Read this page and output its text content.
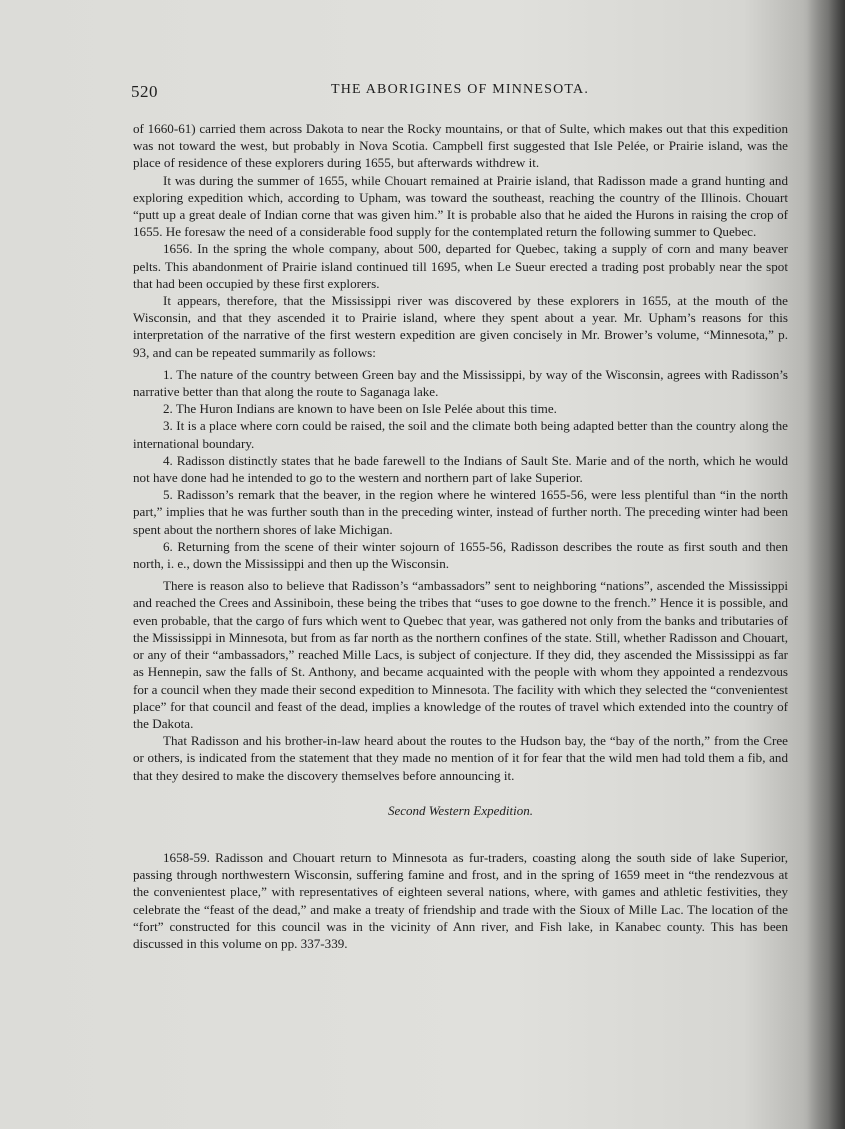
520	THE ABORIGINES OF MINNESOTA.

of 1660-61) carried them across Dakota to near the Rocky mountains, or that of Sulte, which makes out that this expedition was not toward the west, but probably in Nova Scotia. Campbell first suggested that Isle Pelée, or Prairie island, was the place of residence of these explorers during 1655, but afterwards withdrew it.

It was during the summer of 1655, while Chouart remained at Prairie island, that Radisson made a grand hunting and exploring expedition which, according to Upham, was toward the southeast, reaching the country of the Illinois. Chouart “putt up a great deale of Indian corne that was given him.” It is probable also that he aided the Hurons in raising the crop of 1655. He foresaw the need of a considerable food supply for the contemplated return the following summer to Quebec.

1656. In the spring the whole company, about 500, departed for Quebec, taking a supply of corn and many beaver pelts. This abandonment of Prairie island continued till 1695, when Le Sueur erected a trading post probably near the spot that had been occupied by these first explorers.

It appears, therefore, that the Mississippi river was discovered by these explorers in 1655, at the mouth of the Wisconsin, and that they ascended it to Prairie island, where they spent about a year. Mr. Upham’s reasons for this interpretation of the narrative of the first western expedition are given concisely in Mr. Brower’s volume, “Minnesota,” p. 93, and can be repeated summarily as follows:

1. The nature of the country between Green bay and the Mississippi, by way of the Wisconsin, agrees with Radisson’s narrative better than that along the route to Saganaga lake.

2. The Huron Indians are known to have been on Isle Pelée about this time.

3. It is a place where corn could be raised, the soil and the climate both being adapted better than the country along the international boundary.

4. Radisson distinctly states that he bade farewell to the Indians of Sault Ste. Marie and of the north, which he would not have done had he intended to go to the western and northern part of lake Superior.

5. Radisson’s remark that the beaver, in the region where he wintered 1655-56, were less plentiful than “in the north part,” implies that he was further south than in the preceding winter, instead of further north. The preceding winter had been spent about the northern shores of lake Michigan.

6. Returning from the scene of their winter sojourn of 1655-56, Radisson describes the route as first south and then north, i. e., down the Mississippi and then up the Wisconsin.

There is reason also to believe that Radisson’s “ambassadors” sent to neighboring “nations”, ascended the Mississippi and reached the Crees and Assiniboin, these being the tribes that “uses to goe downe to the french.” Hence it is possible, and even probable, that the cargo of furs which went to Quebec that year, was gathered not only from the banks and tributaries of the Mississippi in Minnesota, but from as far north as the northern confines of the state. Still, whether Radisson and Chouart, or any of their “ambassadors,” reached Mille Lacs, is subject of conjecture. If they did, they ascended the Mississippi as far as Hennepin, saw the falls of St. Anthony, and became acquainted with the people with whom they appointed a rendezvous for a council when they made their second expedition to Minnesota. The facility with which they selected the “convenientest place” for that council and feast of the dead, implies a knowledge of the routes of travel which extended into the country of the Dakota.

That Radisson and his brother-in-law heard about the routes to the Hudson bay, the “bay of the north,” from the Cree or others, is indicated from the statement that they made no mention of it for fear that the wild men had told them a fib, and that they desired to make the discovery themselves before announcing it.

Second Western Expedition.

1658-59. Radisson and Chouart return to Minnesota as fur-traders, coasting along the south side of lake Superior, passing through northwestern Wisconsin, suffering famine and frost, and in the spring of 1659 meet in “the rendezvous at the convenientest place,” with representatives of eighteen several nations, where, with games and athletic festivities, they celebrate the “feast of the dead,” and make a treaty of friendship and trade with the Sioux of Mille Lac. The location of the “fort” constructed for this council was in the vicinity of Ann river, and Fish lake, in Kanabec county. This has been discussed in this volume on pp. 337-339.
